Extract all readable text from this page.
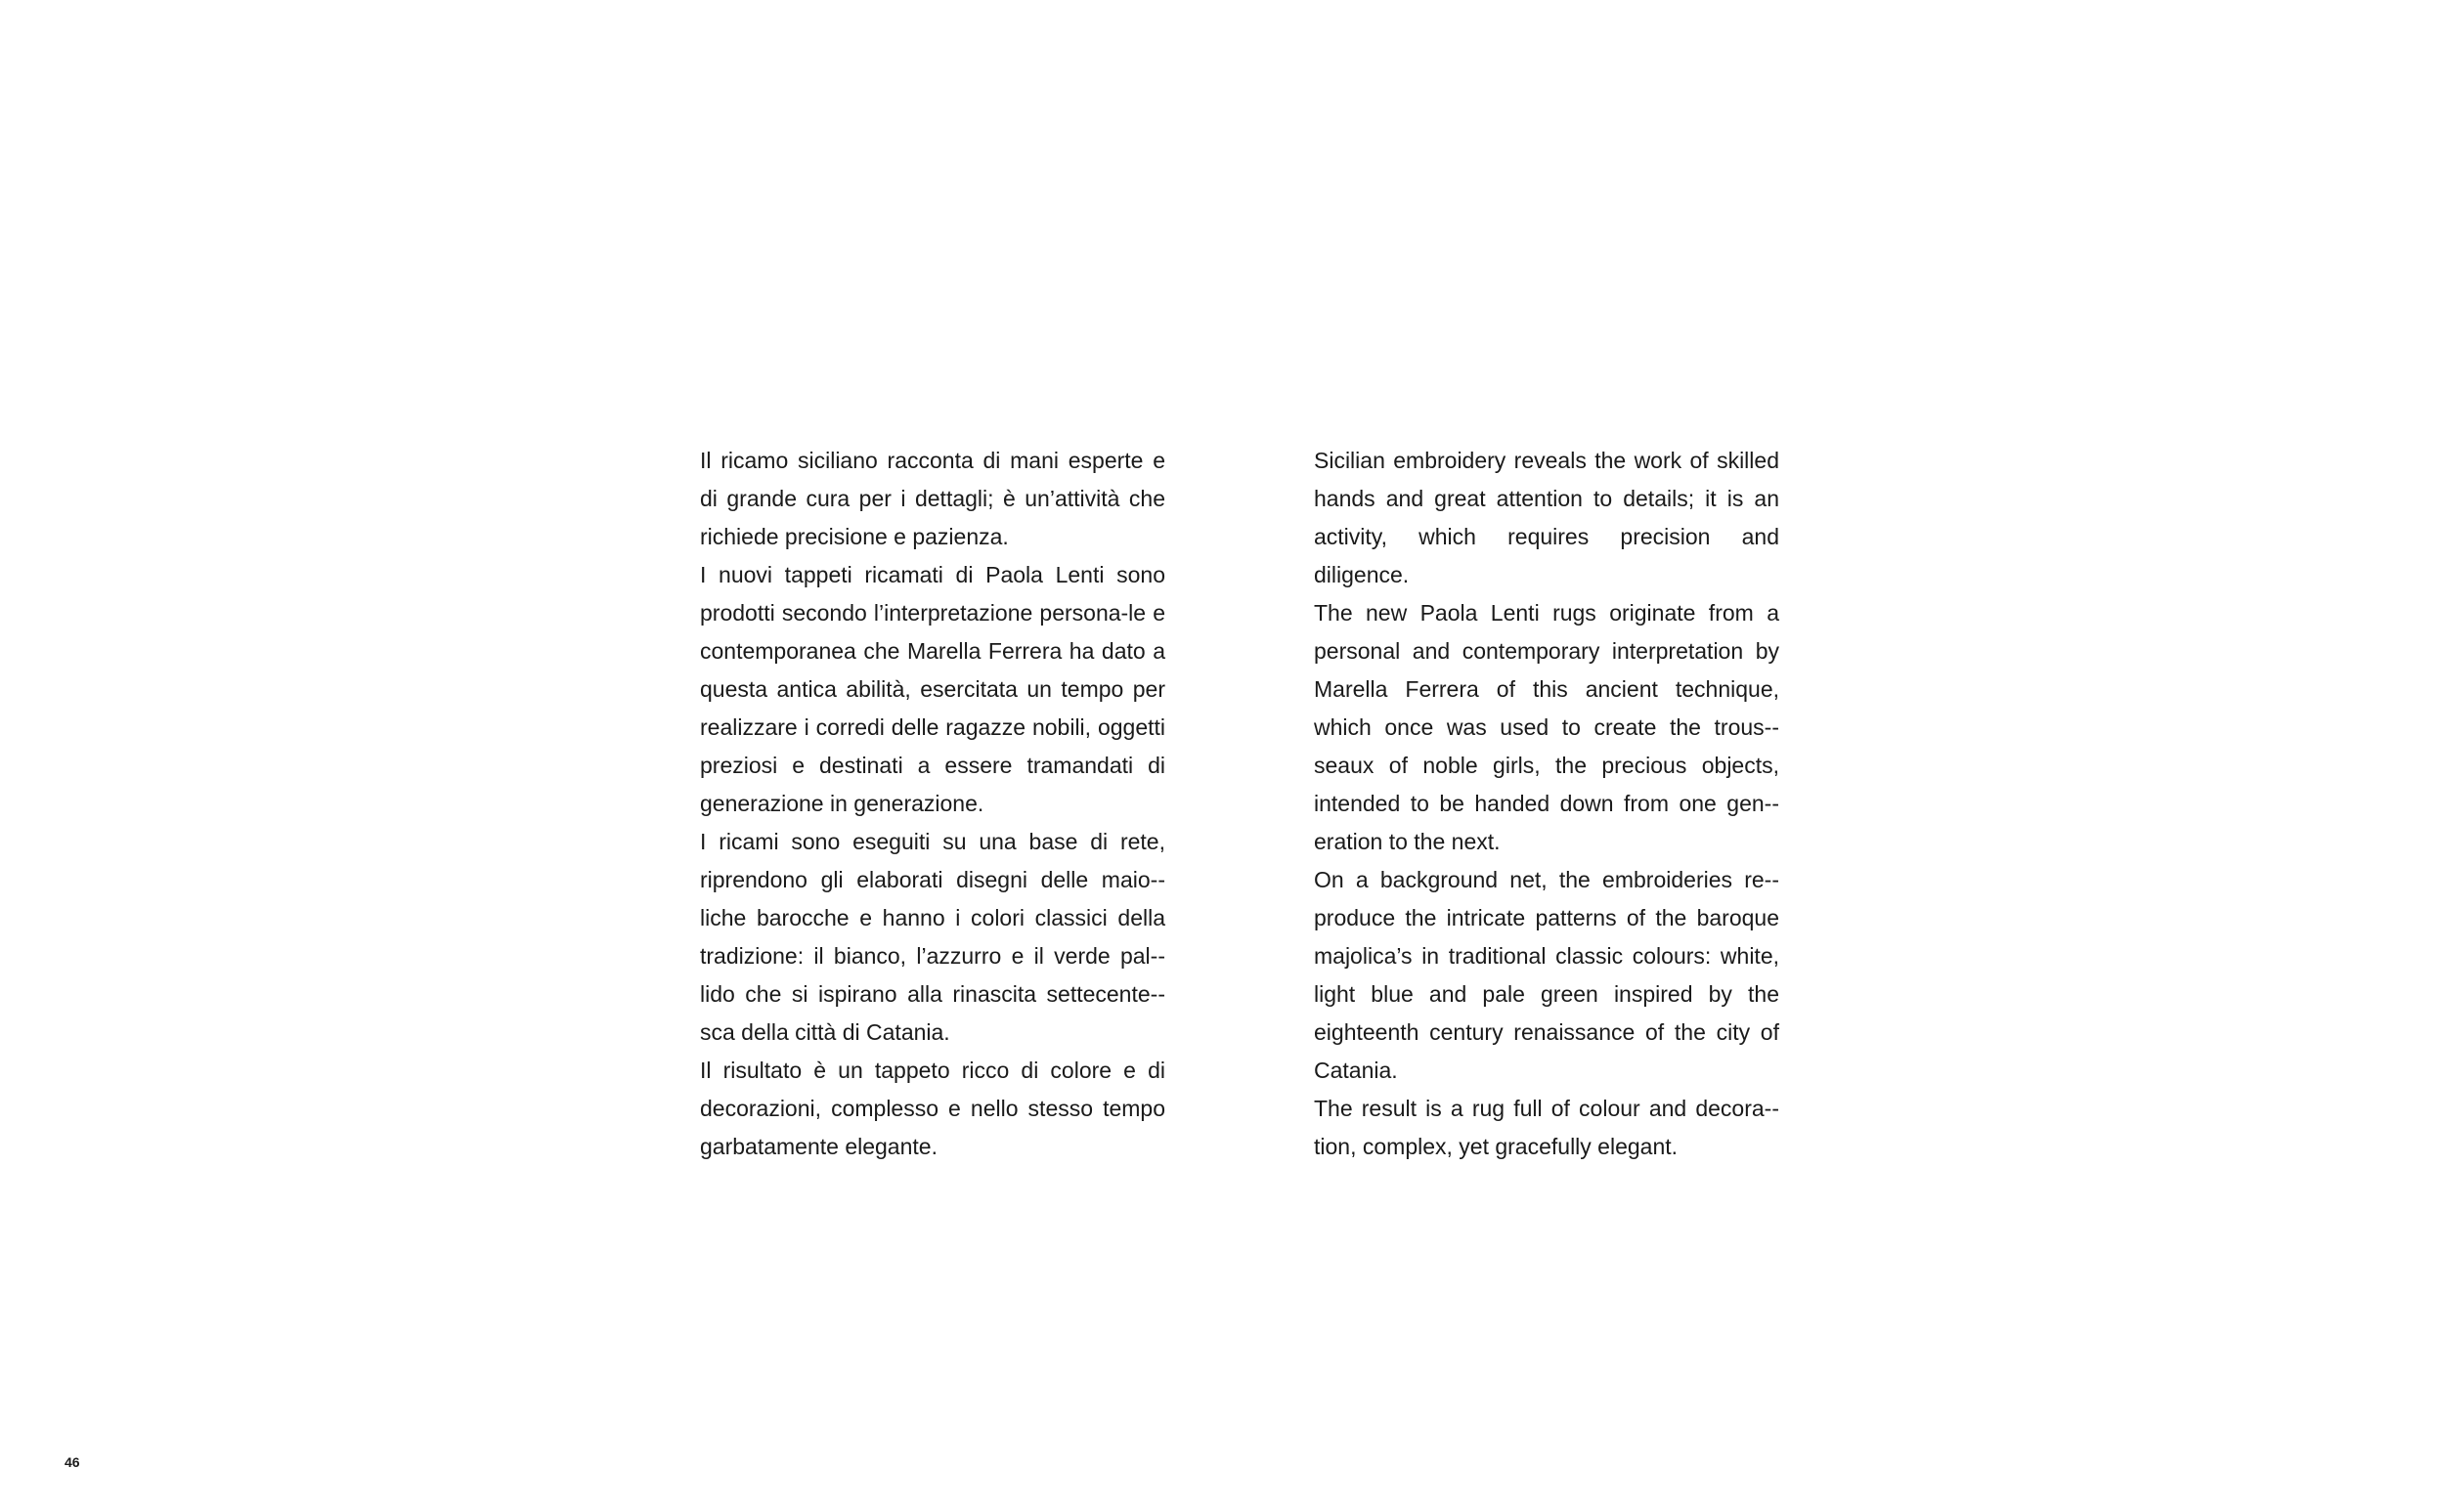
Il ricamo siciliano racconta di mani esperte e di grande cura per i dettagli; è un’attività che richiede precisione e pazienza.

I nuovi tappeti ricamati di Paola Lenti sono prodotti secondo l’interpretazione persona-le e contemporanea che Marella Ferrera ha dato a questa antica abilità, esercitata un tempo per realizzare i corredi delle ragazze nobili, oggetti preziosi e destinati a essere tramandati di generazione in generazione.

I ricami sono eseguiti su una base di rete, riprendono gli elaborati disegni delle maio-liche barocche e hanno i colori classici della tradizione: il bianco, l’azzurro e il verde pal-lido che si ispirano alla rinascita settecente-sca della città di Catania.

Il risultato è un tappeto ricco di colore e di decorazioni, complesso e nello stesso tempo garbatamente elegante.

Sicilian embroidery reveals the work of skilled hands and great attention to details; it is an activity, which requires precision and diligence.

The new Paola Lenti rugs originate from a personal and contemporary interpretation by Marella Ferrera of this ancient technique, which once was used to create the trous-seaux of noble girls, the precious objects, intended to be handed down from one gen-eration to the next.

On a background net, the embroideries re-produce the intricate patterns of the baroque majolica’s in traditional classic colours: white, light blue and pale green inspired by the eighteenth century renaissance of the city of Catania.

The result is a rug full of colour and decora-tion, complex, yet gracefully elegant.

46
